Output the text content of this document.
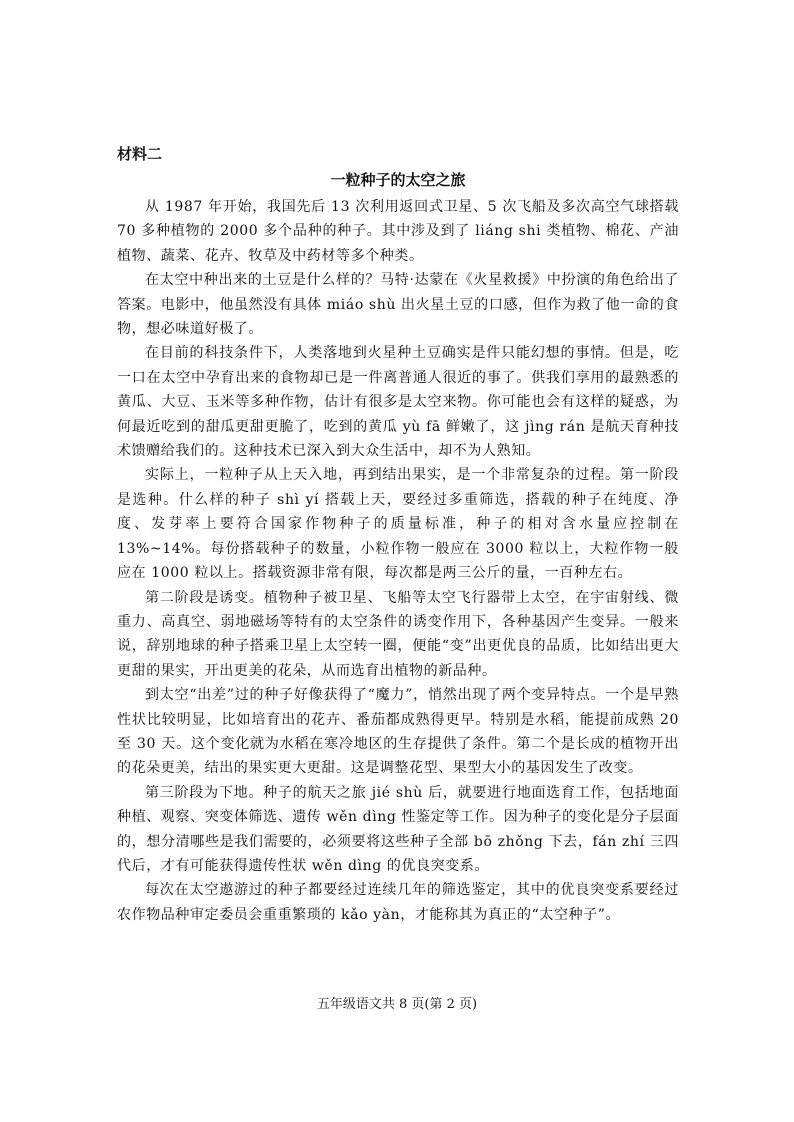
材料二
一粒种子的太空之旅

从 1987 年开始，我国先后 13 次利用返回式卫星、5 次飞船及多次高空气球搭载 70 多种植物的 2000 多个品种的种子。其中涉及到了 liáng shi 类植物、棉花、产油植物、蔬菜、花卉、牧草及中药材等多个种类。

在太空中种出来的土豆是什么样的？马特·达蒙在《火星救援》中扮演的角色给出了答案。电影中，他虽然没有具体 miáo shù 出火星土豆的口感，但作为救了他一命的食物，想必味道好极了。

在目前的科技条件下，人类落地到火星种土豆确实是件只能幻想的事情。但是，吃一口在太空中孕育出来的食物却已是一件离普通人很近的事了。供我们享用的最熟悉的黄瓜、大豆、玉米等多种作物，估计有很多是太空来物。你可能也会有这样的疑惑，为何最近吃到的甜瓜更甜更脆了，吃到的黄瓜 yù fā 鲜嫩了，这 jìng rán 是航天育种技术馈赠给我们的。这种技术已深入到大众生活中，却不为人熟知。

实际上，一粒种子从上天入地，再到结出果实，是一个非常复杂的过程。第一阶段是选种。什么样的种子 shì yí 搭载上天，要经过多重筛选，搭载的种子在纯度、净度、发芽率上要符合国家作物种子的质量标准，种子的相对含水量应控制在 13%~14%。每份搭载种子的数量，小粒作物一般应在 3000 粒以上，大粒作物一般应在 1000 粒以上。搭载资源非常有限，每次都是两三公斤的量，一百种左右。

第二阶段是诱变。植物种子被卫星、飞船等太空飞行器带上太空，在宇宙射线、微重力、高真空、弱地磁场等特有的太空条件的诱变作用下，各种基因产生变异。一般来说，辞别地球的种子搭乘卫星上太空转一圈，便能“变”出更优良的品质，比如结出更大更甜的果实，开出更美的花朵，从而选育出植物的新品种。

到太空“出差”过的种子好像获得了“魔力”，悄然出现了两个变异特点。一个是早熟性状比较明显，比如培育出的花卉、番茄都成熟得更早。特别是水稻，能提前成熟 20 至 30 天。这个变化就为水稻在寒冷地区的生存提供了条件。第二个是长成的植物开出的花朵更美，结出的果实更大更甜。这是调整花型、果型大小的基因发生了改变。

第三阶段为下地。种子的航天之旅 jié shù 后，就要进行地面选育工作，包括地面种植、观察、突变体筛选、遗传 wěn dìng 性鉴定等工作。因为种子的变化是分子层面的，想分清哪些是我们需要的，必须要将这些种子全部 bō zhǒng 下去，fán zhí 三四代后，才有可能获得遗传性状 wěn dìng 的优良突变系。

每次在太空遨游过的种子都要经过连续几年的筛选鉴定，其中的优良突变系要经过农作物品种审定委员会重重繁琐的 kǎo yàn，才能称其为真正的“太空种子”。

五年级语文共 8 页(第 2 页)
